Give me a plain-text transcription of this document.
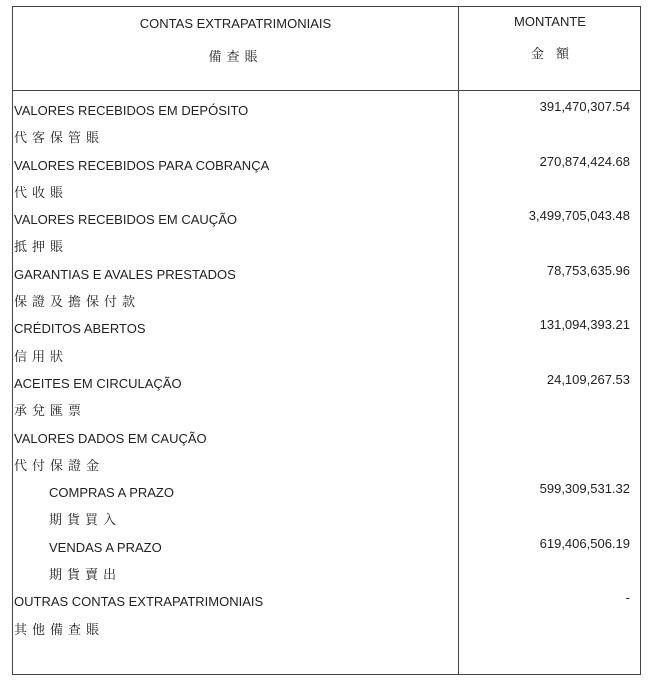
CONTAS EXTRAPATRIMONIAIS
備查賬
MONTANTE
金額
VALORES RECEBIDOS EM DEPÓSITO	391,470,307.54
代客保管賬
VALORES RECEBIDOS PARA COBRANÇA	270,874,424.68
代收賬
VALORES RECEBIDOS EM CAUÇÃO	3,499,705,043.48
抵押賬
GARANTIAS E AVALES PRESTADOS	78,753,635.96
保證及擔保付款
CRÉDITOS ABERTOS	131,094,393.21
信用狀
ACEITES EM CIRCULAÇÃO	24,109,267.53
承兌匯票
VALORES DADOS EM CAUÇÃO
代付保證金
COMPRAS A PRAZO	599,309,531.32
期貨買入
VENDAS A PRAZO	619,406,506.19
期貨賣出
OUTRAS CONTAS EXTRAPATRIMONIAIS	-
其他備查賬
